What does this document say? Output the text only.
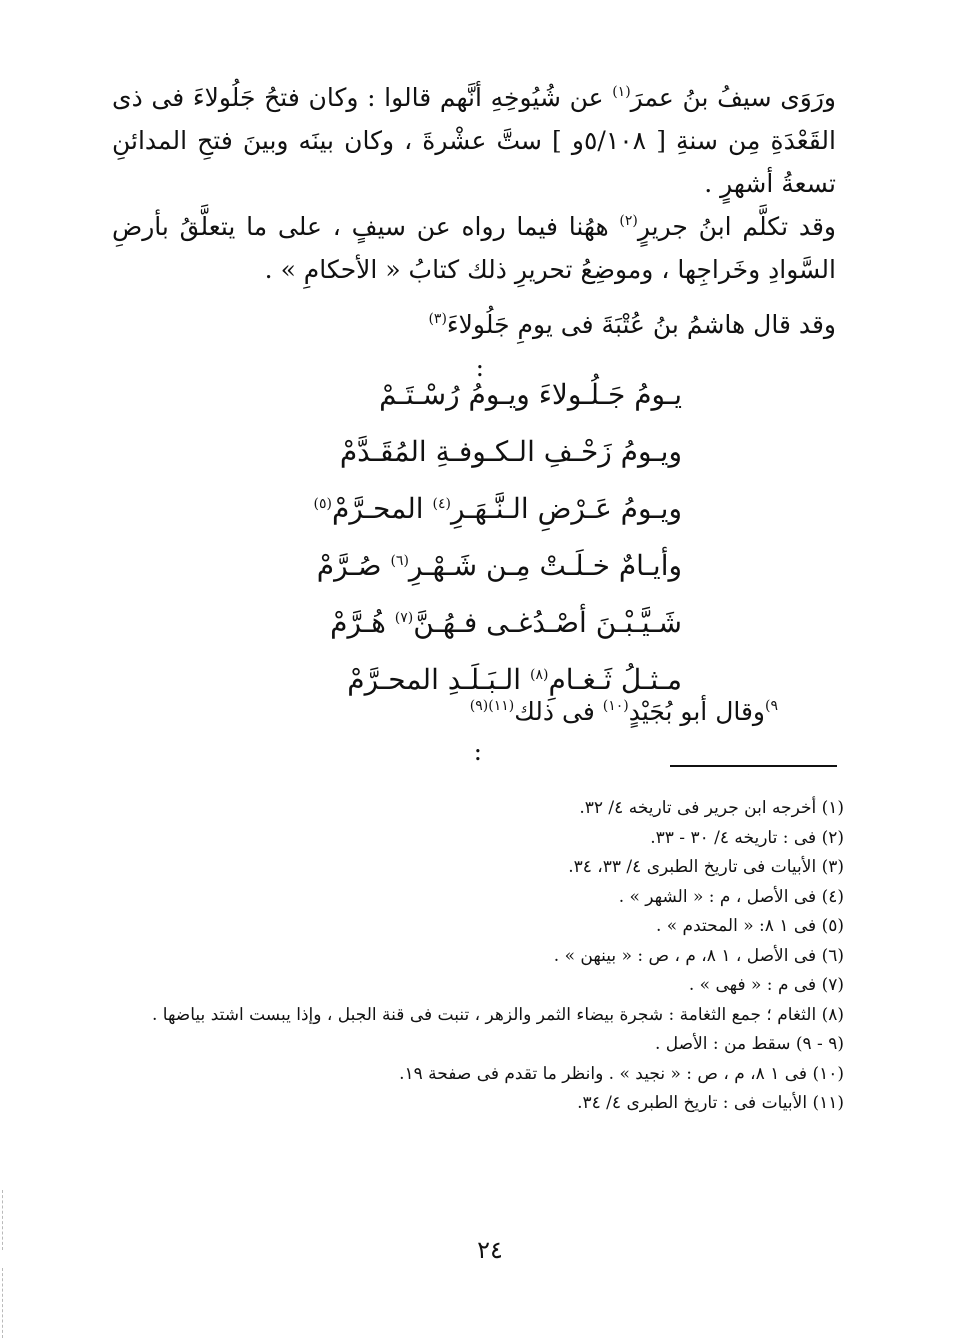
ورَوَى سيفُ بنُ عمرَ$^{(١)}$ عن شُيُوخِهِ أنَّهم قالوا : وكان فتحُ جَلُولاءَ فى ذى القَعْدَةِ مِن سنةِ [ ٥/١٠٨و ] ستَّ عشْرةَ ، وكان بينَه وبينَ فتحِ المدائنِ تسعةُ أشهرٍ .

وقد تكلَّم ابنُ جريرٍ$^{(٢)}$ ههُنا فيما رواه عن سيفٍ ، على ما يتعلَّقُ بأرضِ السَّوادِ وخَراجِها ، وموضِعُ تحريرِ ذلك كتابُ « الأحكامِ » .

وقد قال هاشمُ بنُ عُتْبَةَ فى يومِ جَلُولاءَ$^{(٣)}$

:

يـومُ جَـلُـولاءَ ويـومُ رُسْـتَـمْ
ويـومُ زَحْـفِ الـكـوفـةِ المُقَـدَّمْ
ويـومُ عَـرْضِ الـنَّـهَـرِ$^{(٤)}$ المحـرَّمْ$^{(٥)}$
وأيـامٌ خـلَـتْ مِـن شَـهْـرِ$^{(٦)}$ صُـرَّمْ
شَـيَّـبْـنَ أصْـدُغـى فـهُـنَّ$^{(٧)}$ هُـرَّمْ
مـثـلُ ثَـغـامِ$^{(٨)}$ الـبَـلَـدِ المحـرَّمْ

$^{٩)}$وقال أبو بُجَيْدٍ$^{(١٠)}$ فى ذلك$^{(١١)(٩)}$

:

(١) أخرجه ابن جرير فى تاريخه ٤/ ٣٢.
(٢) فى : تاريخه ٤/ ٣٠ - ٣٣.
(٣) الأبيات فى تاريخ الطبرى ٤/ ٣٣، ٣٤.
(٤) فى الأصل ، م : « الشهر » .
(٥) فى ١ ٨: « المحتدم » .
(٦) فى الأصل ، ١ ٨، م ، ص : « بينهن » .
(٧) فى م : « فهى » .
(٨) الثغام ؛ جمع الثغامة : شجرة بيضاء الثمر والزهر ، تنبت فى قنة الجبل ، وإذا يبست اشتد بياضها .
(٩ - ٩) سقط من : الأصل .
(١٠) فى ١ ٨، م ، ص : « نجيد » . وانظر ما تقدم فى صفحة ١٩.
(١١) الأبيات فى : تاريخ الطبرى ٤/ ٣٤.
٢٤
